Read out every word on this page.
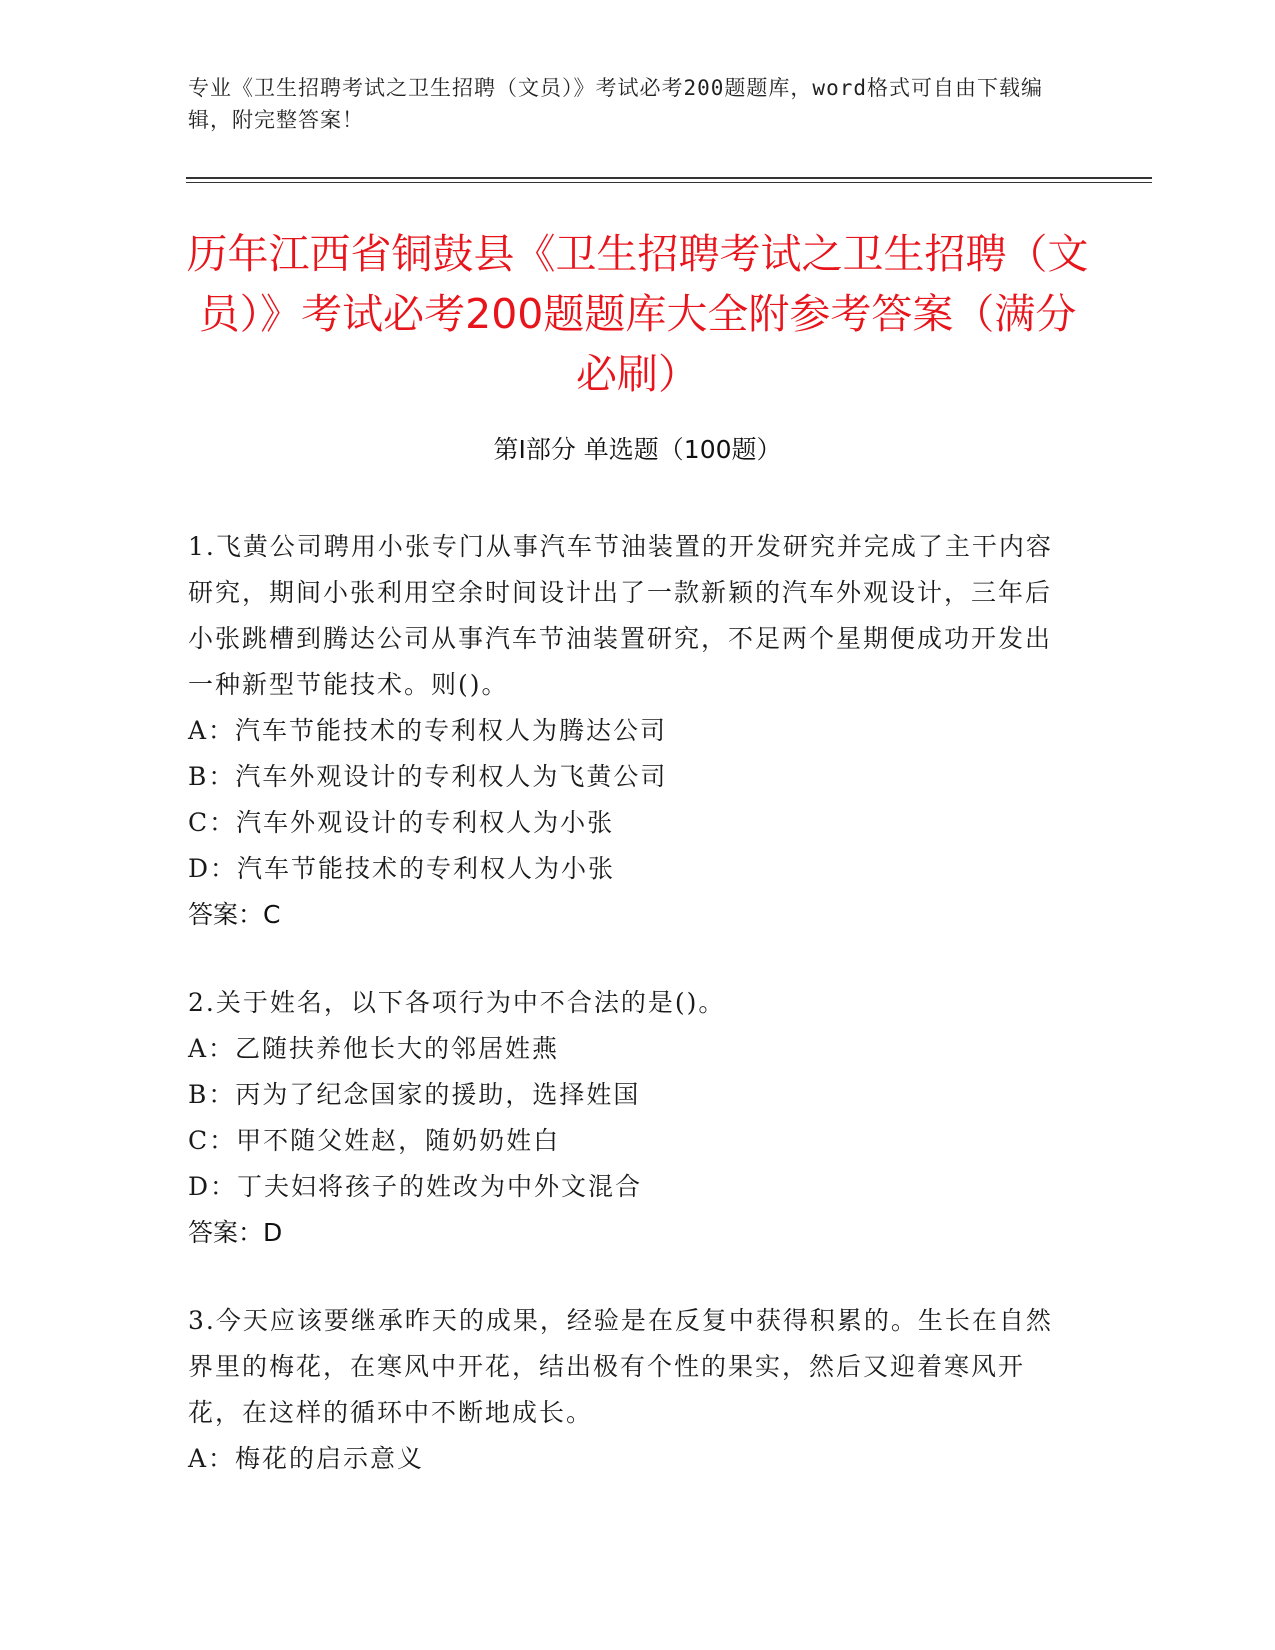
专业《卫生招聘考试之卫生招聘（文员）》考试必考200题题库，word格式可自由下载编辑，附完整答案！
历年江西省铜鼓县《卫生招聘考试之卫生招聘（文员）》考试必考200题题库大全附参考答案（满分必刷）
第Ⅰ部分 单选题（100题）

1.飞黄公司聘用小张专门从事汽车节油装置的开发研究并完成了主干内容研究，期间小张利用空余时间设计出了一款新颖的汽车外观设计，三年后小张跳槽到腾达公司从事汽车节油装置研究，不足两个星期便成功开发出一种新型节能技术。则()。

A：汽车节能技术的专利权人为腾达公司

B：汽车外观设计的专利权人为飞黄公司

C：汽车外观设计的专利权人为小张

D：汽车节能技术的专利权人为小张

答案：C

2.关于姓名，以下各项行为中不合法的是()。

A：乙随扶养他长大的邻居姓燕

B：丙为了纪念国家的援助，选择姓国

C：甲不随父姓赵，随奶奶姓白

D：丁夫妇将孩子的姓改为中外文混合

答案：D

3.今天应该要继承昨天的成果，经验是在反复中获得积累的。生长在自然界里的梅花，在寒风中开花，结出极有个性的果实，然后又迎着寒风开花，在这样的循环中不断地成长。

A：梅花的启示意义
